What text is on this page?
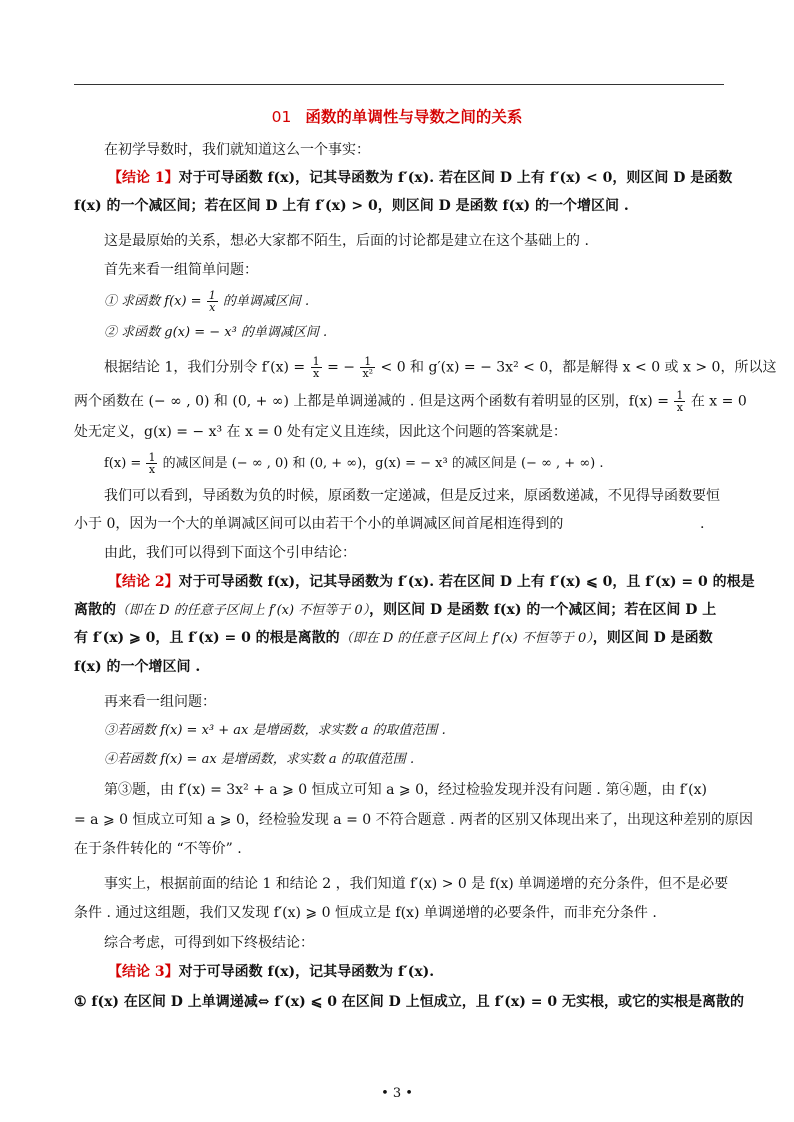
01 函数的单调性与导数之间的关系
在初学导数时，我们就知道这么一个事实：
【结论 1】对于可导函数 f(x)，记其导函数为 f′(x). 若在区间 D 上有 f′(x) < 0，则区间 D 是函数
f(x) 的一个减区间；若在区间 D 上有 f′(x) > 0，则区间 D 是函数 f(x) 的一个增区间 .
这是最原始的关系，想必大家都不陌生，后面的讨论都是建立在这个基础上的 .
首先来看一组简单问题：
① 求函数 $f(x) = \frac{1}{x}$ 的单调减区间 .
② 求函数 g(x) = − x³ 的单调减区间 .
根据结论 1，我们分别令 $f'(x) = \frac{1}{x}$ = − $\frac{1}{\text{x²}} < 0$ 和 g′(x) = − 3x² < 0，都是解得 x < 0 或 x > 0，所以这
两个函数在 (− ∞ , 0) 和 (0, + ∞) 上都是单调递减的 . 但是这两个函数有着明显的区别，$f(x) = \frac{1}{x}$ 在 x = 0
处无定义，g(x) = − x³ 在 x = 0 处有定义且连续，因此这个问题的答案就是：
$f(x) = \frac{1}{x}$ 的减区间是 (− ∞ , 0) 和 (0, + ∞)，g(x) = − x³ 的减区间是 (− ∞ , + ∞) .
我们可以看到，导函数为负的时候，原函数一定递减，但是反过来，原函数递减，不见得导函数要恒
小于 0，因为一个大的单调减区间可以由若干个小的单调减区间首尾相连得到的	.
由此，我们可以得到下面这个引申结论：
【结论 2】对于可导函数 f(x)，记其导函数为 f′(x). 若在区间 D 上有 f′(x) ⩽ 0，且 f′(x) = 0 的根是
离散的（即在 D 的任意子区间上 f′(x) 不恒等于 0），则区间 D 是函数 f(x) 的一个减区间；若在区间 D 上
有 f′(x) ⩾ 0，且 f′(x) = 0 的根是离散的（即在 D 的任意子区间上 f′(x) 不恒等于 0），则区间 D 是函数
f(x) 的一个增区间 .
再来看一组问题：
③若函数 f(x) = x³ + ax 是增函数，求实数 a 的取值范围 .
④若函数 f(x) = ax 是增函数，求实数 a 的取值范围 .
第③题，由 f′(x) = 3x² + a ⩾ 0 恒成立可知 a ⩾ 0，经过检验发现并没有问题 . 第④题，由 f′(x)
= a ⩾ 0 恒成立可知 a ⩾ 0，经检验发现 a = 0 不符合题意 . 两者的区别又体现出来了，出现这种差别的原因
在于条件转化的 “不等价” .
事实上，根据前面的结论 1 和结论 2 ，我们知道 f′(x) > 0 是 f(x) 单调递增的充分条件，但不是必要
条件 . 通过这组题，我们又发现 f′(x) ⩾ 0 恒成立是 f(x) 单调递增的必要条件，而非充分条件 .
综合考虑，可得到如下终极结论：
【结论 3】对于可导函数 f(x)，记其导函数为 f′(x).
① f(x) 在区间 D 上单调递减⇔ f′(x) ⩽ 0 在区间 D 上恒成立，且 f′(x) = 0 无实根，或它的实根是离散的
• 3 •
